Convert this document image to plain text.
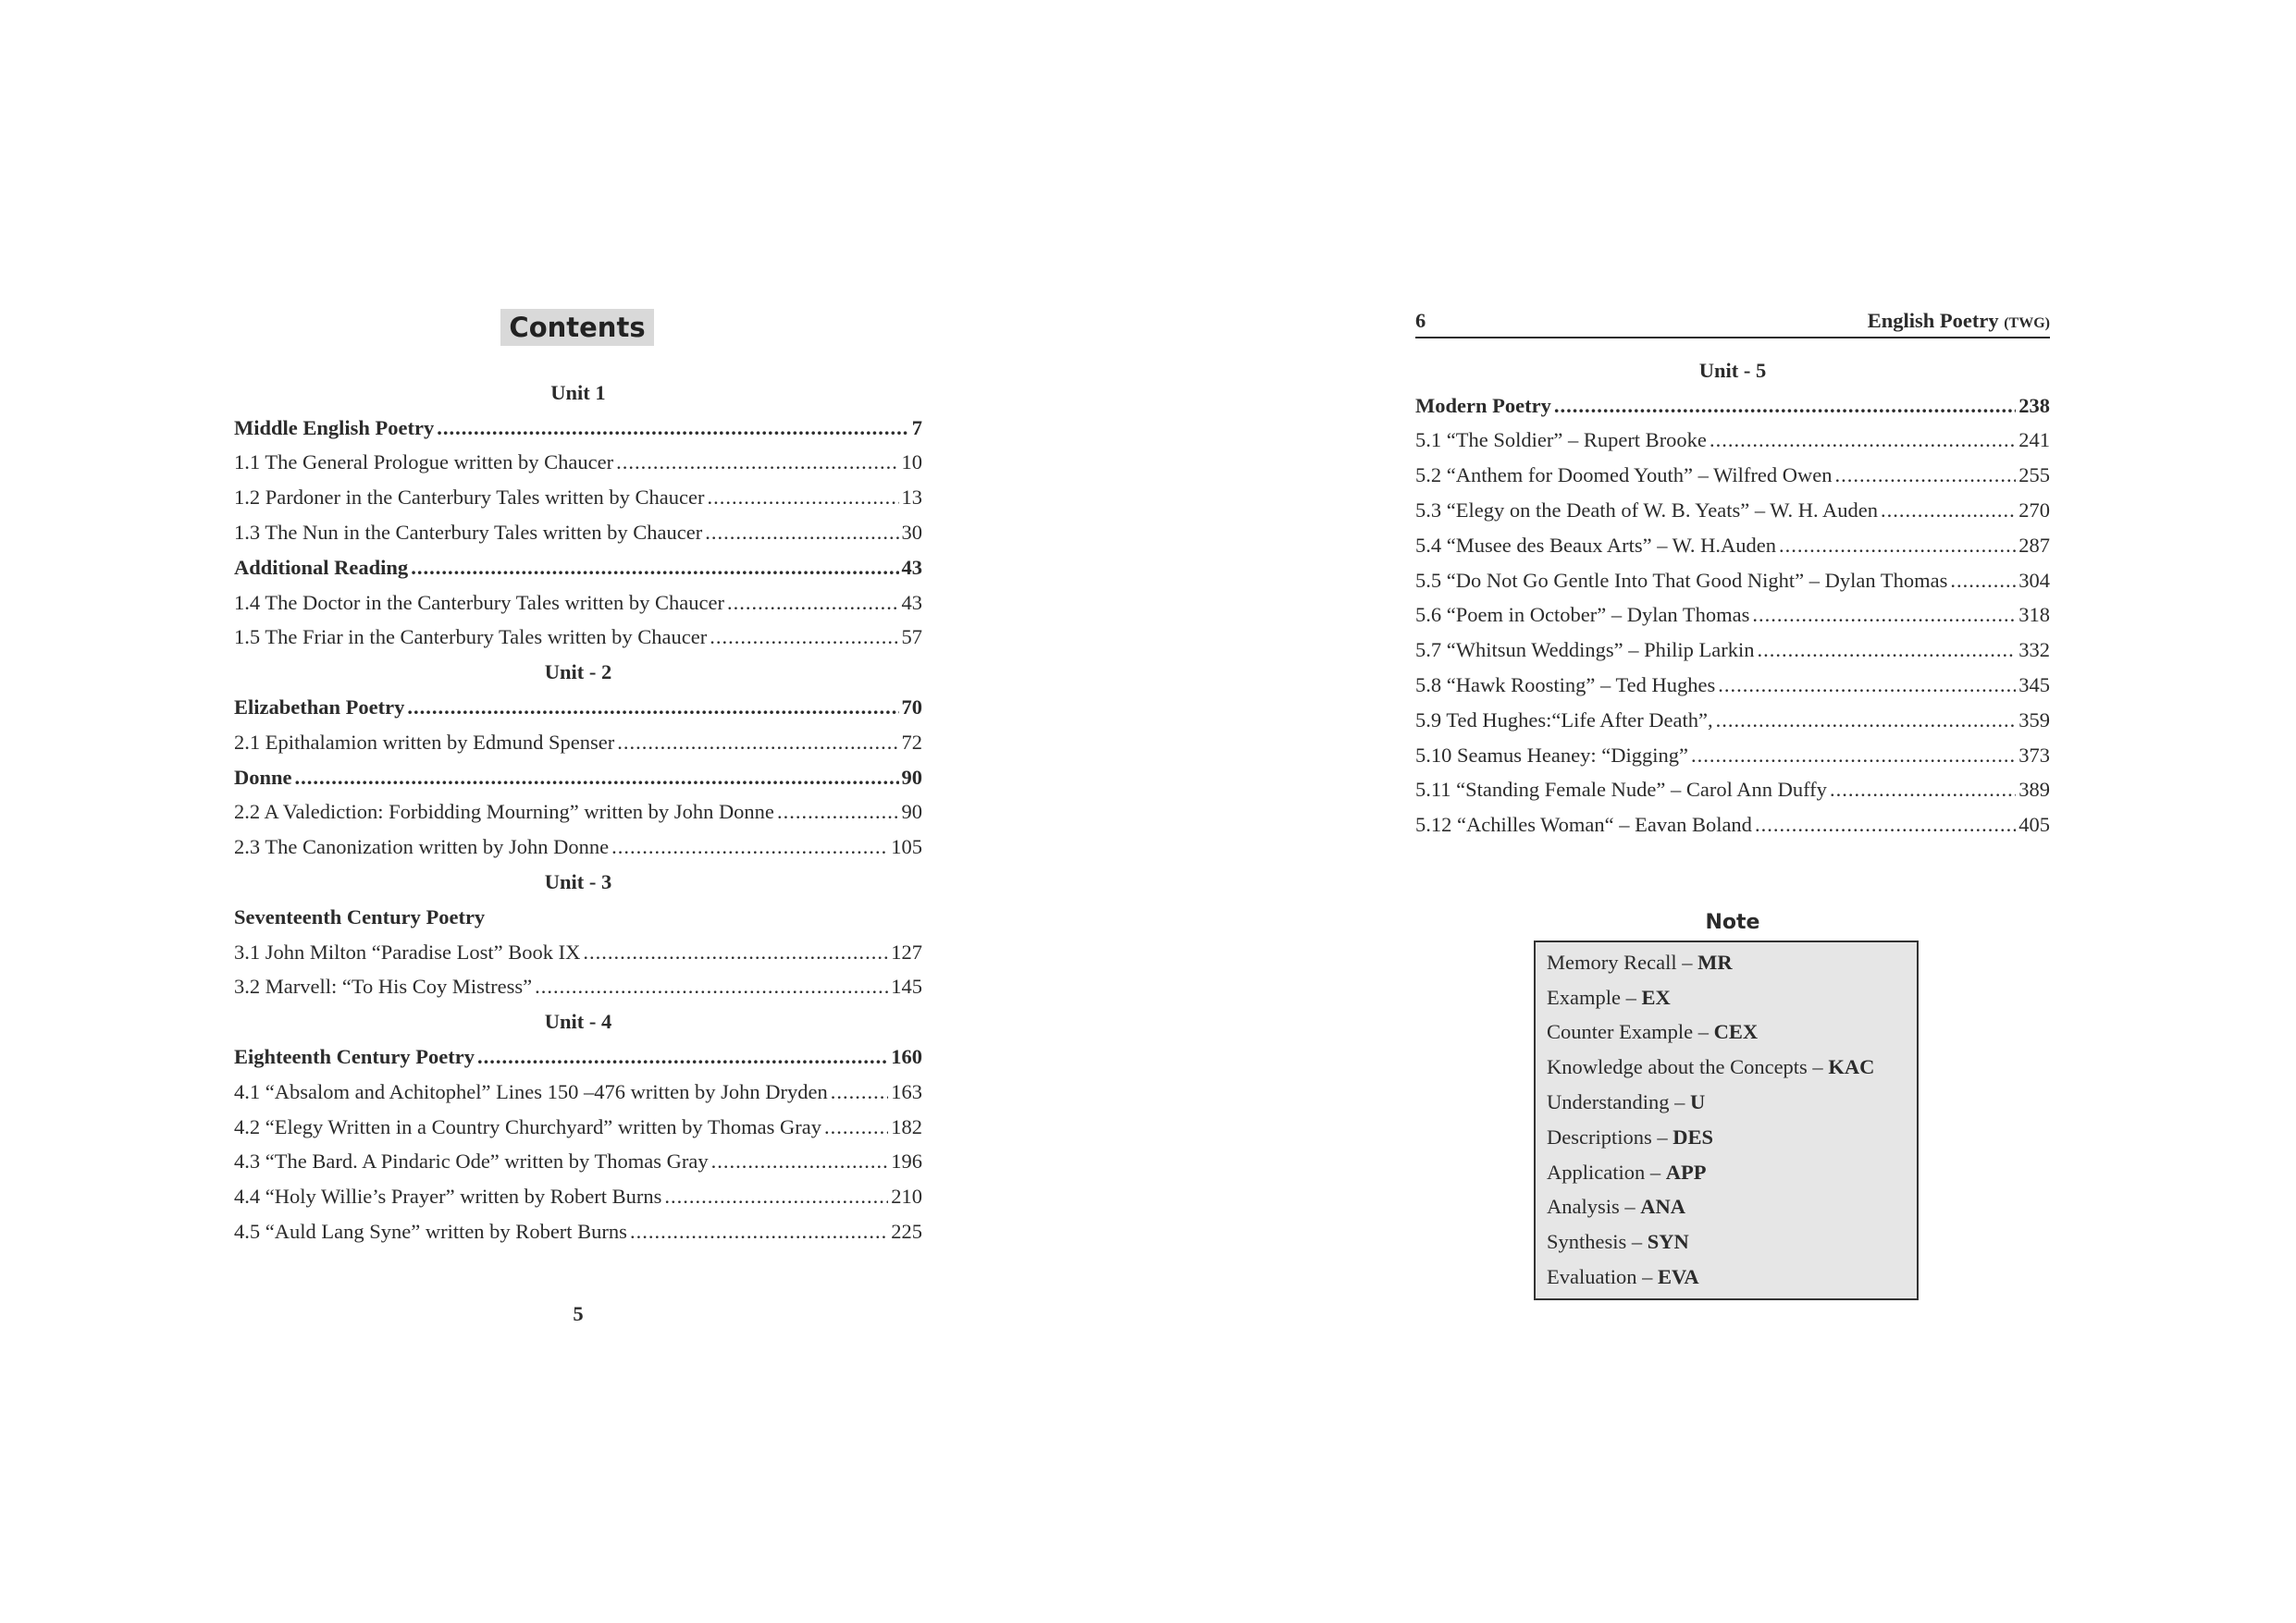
Contents
Unit 1
Middle English Poetry .....	7
1.1 The General Prologue written by Chaucer .....	10
1.2 Pardoner in the Canterbury Tales written by Chaucer .....	13
1.3 The Nun in the Canterbury Tales written by Chaucer .....	30
Additional Reading .....	43
1.4 The Doctor in the Canterbury Tales written by Chaucer .....	43
1.5 The Friar in the Canterbury Tales written by Chaucer .....	57
Unit - 2
Elizabethan Poetry .....	70
2.1 Epithalamion written by Edmund Spenser .....	72
Donne .....	90
2.2 A Valediction: Forbidding Mourning” written by John Donne .....	90
2.3 The Canonization written by John Donne .....	105
Unit - 3
Seventeenth Century Poetry
3.1 John Milton “Paradise Lost” Book IX .....	127
3.2 Marvell: “To His Coy Mistress” .....	145
Unit - 4
Eighteenth Century Poetry .....	160
4.1 “Absalom and Achitophel” Lines 150 –476 written by John Dryden .....	163
4.2 “Elegy Written in a Country Churchyard” written by Thomas Gray .....	182
4.3 “The Bard. A Pindaric Ode” written by Thomas Gray .....	196
4.4 “Holy Willie’s Prayer” written by Robert Burns .....	210
4.5 “Auld Lang Syne” written by Robert Burns .....	225
5
6	English Poetry (TWG)
Unit - 5
Modern Poetry .....	238
5.1 “The Soldier” – Rupert Brooke .....	241
5.2 “Anthem for Doomed Youth” – Wilfred Owen .....	255
5.3 “Elegy on the Death of W. B. Yeats” – W. H. Auden .....	270
5.4 “Musee des Beaux Arts” – W. H.Auden .....	287
5.5 “Do Not Go Gentle Into That Good Night” – Dylan Thomas .....	304
5.6 “Poem in October” – Dylan Thomas .....	318
5.7 “Whitsun Weddings” – Philip Larkin .....	332
5.8 “Hawk Roosting” – Ted Hughes .....	345
5.9 Ted Hughes:“Life After Death”, .....	359
5.10 Seamus Heaney: “Digging” .....	373
5.11 “Standing Female Nude” – Carol Ann Duffy .....	389
5.12 “Achilles Woman“ – Eavan Boland .....	405
Note
Memory Recall – MR
Example – EX
Counter Example – CEX
Knowledge about the Concepts – KAC
Understanding – U
Descriptions – DES
Application – APP
Analysis – ANA
Synthesis – SYN
Evaluation – EVA
